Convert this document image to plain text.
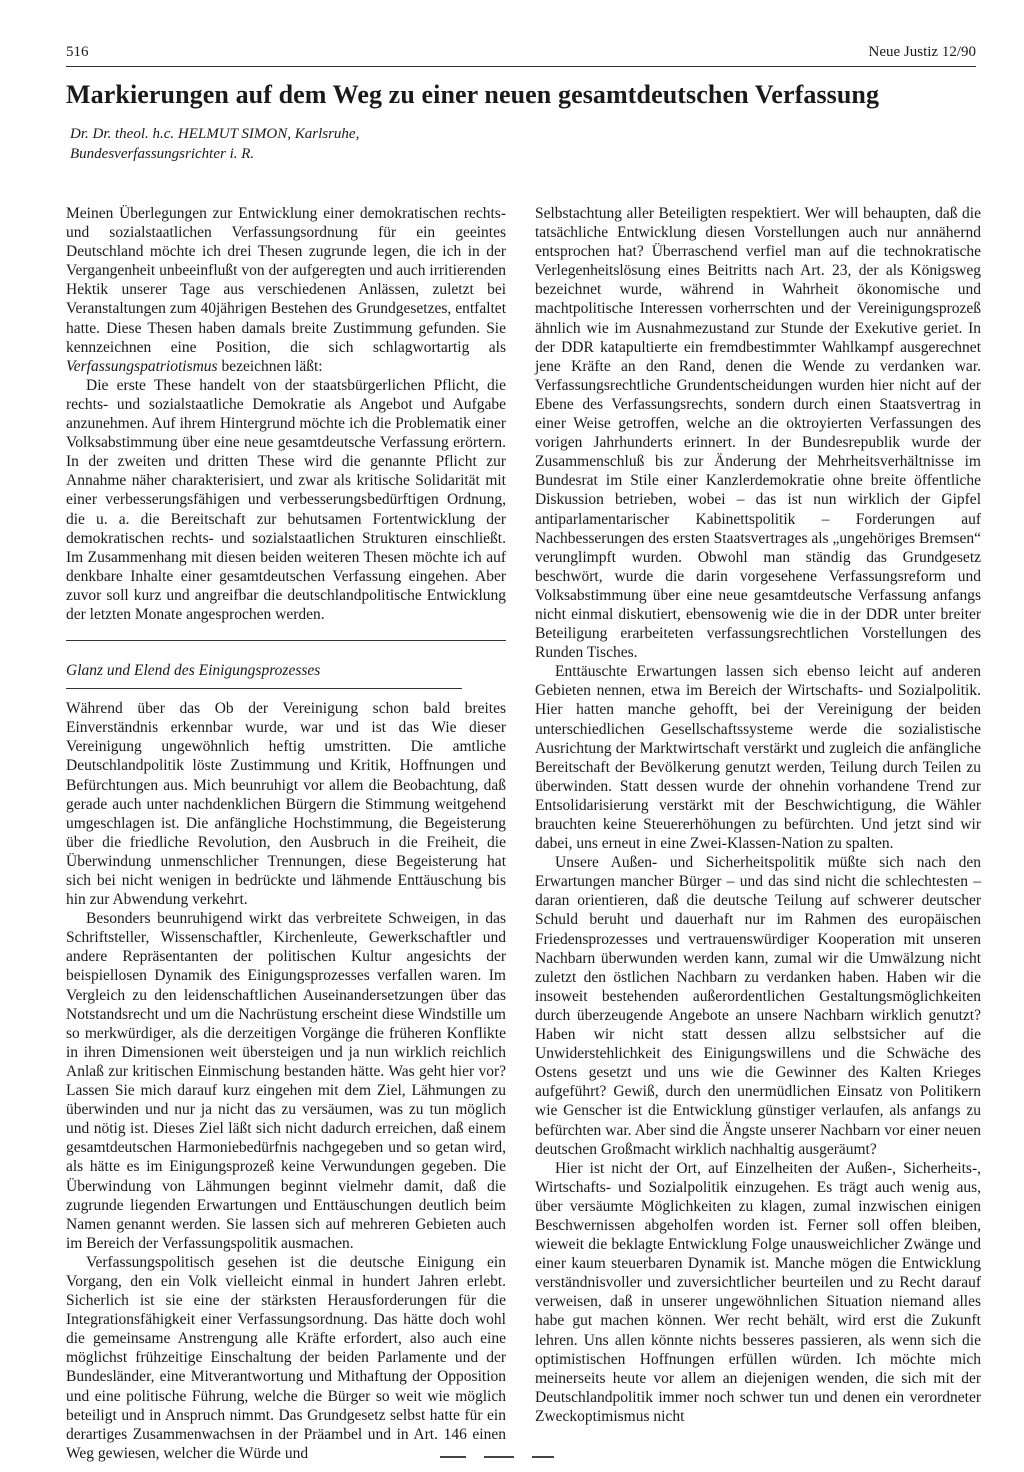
516	Neue Justiz 12/90
Markierungen auf dem Weg zu einer neuen gesamtdeutschen Verfassung
Dr. Dr. theol. h.c. HELMUT SIMON, Karlsruhe,
Bundesverfassungsrichter i. R.

Meinen Überlegungen zur Entwicklung einer demokratischen rechts- und sozialstaatlichen Verfassungsordnung für ein geeintes Deutschland möchte ich drei Thesen zugrunde legen, die ich in der Vergangenheit unbeeinflußt von der aufgeregten und auch irritierenden Hektik unserer Tage aus verschiedenen Anlässen, zuletzt bei Veranstaltungen zum 40jährigen Bestehen des Grundgesetzes, entfaltet hatte. Diese Thesen haben damals breite Zustimmung gefunden. Sie kennzeichnen eine Position, die sich schlagwortartig als Verfassungspatriotismus bezeichnen läßt:

Die erste These handelt von der staatsbürgerlichen Pflicht, die rechts- und sozialstaatliche Demokratie als Angebot und Aufgabe anzunehmen. Auf ihrem Hintergrund möchte ich die Problematik einer Volksabstimmung über eine neue gesamtdeutsche Verfassung erörtern. In der zweiten und dritten These wird die genannte Pflicht zur Annahme näher charakterisiert, und zwar als kritische Solidarität mit einer verbesserungsfähigen und verbesserungsbedürftigen Ordnung, die u. a. die Bereitschaft zur behutsamen Fortentwicklung der demokratischen rechts- und sozialstaatlichen Strukturen einschließt. Im Zusammenhang mit diesen beiden weiteren Thesen möchte ich auf denkbare Inhalte einer gesamtdeutschen Verfassung eingehen. Aber zuvor soll kurz und angreifbar die deutschlandpolitische Entwicklung der letzten Monate angesprochen werden.

Glanz und Elend des Einigungsprozesses

Während über das Ob der Vereinigung schon bald breites Einverständnis erkennbar wurde, war und ist das Wie dieser Vereinigung ungewöhnlich heftig umstritten. Die amtliche Deutschlandpolitik löste Zustimmung und Kritik, Hoffnungen und Befürchtungen aus. Mich beunruhigt vor allem die Beobachtung, daß gerade auch unter nachdenklichen Bürgern die Stimmung weitgehend umgeschlagen ist. Die anfängliche Hochstimmung, die Begeisterung über die friedliche Revolution, den Ausbruch in die Freiheit, die Überwindung unmenschlicher Trennungen, diese Begeisterung hat sich bei nicht wenigen in bedrückte und lähmende Enttäuschung bis hin zur Abwendung verkehrt.

Besonders beunruhigend wirkt das verbreitete Schweigen, in das Schriftsteller, Wissenschaftler, Kirchenleute, Gewerkschaftler und andere Repräsentanten der politischen Kultur angesichts der beispiellosen Dynamik des Einigungsprozesses verfallen waren. Im Vergleich zu den leidenschaftlichen Auseinandersetzungen über das Notstandsrecht und um die Nachrüstung erscheint diese Windstille um so merkwürdiger, als die derzeitigen Vorgänge die früheren Konflikte in ihren Dimensionen weit übersteigen und ja nun wirklich reichlich Anlaß zur kritischen Einmischung bestanden hätte. Was geht hier vor? Lassen Sie mich darauf kurz eingehen mit dem Ziel, Lähmungen zu überwinden und nur ja nicht das zu versäumen, was zu tun möglich und nötig ist. Dieses Ziel läßt sich nicht dadurch erreichen, daß einem gesamtdeutschen Harmoniebedürfnis nachgegeben und so getan wird, als hätte es im Einigungsprozeß keine Verwundungen gegeben. Die Überwindung von Lähmungen beginnt vielmehr damit, daß die zugrunde liegenden Erwartungen und Enttäuschungen deutlich beim Namen genannt werden. Sie lassen sich auf mehreren Gebieten auch im Bereich der Verfassungspolitik ausmachen.

Verfassungspolitisch gesehen ist die deutsche Einigung ein Vorgang, den ein Volk vielleicht einmal in hundert Jahren erlebt. Sicherlich ist sie eine der stärksten Herausforderungen für die Integrationsfähigkeit einer Verfassungsordnung. Das hätte doch wohl die gemeinsame Anstrengung alle Kräfte erfordert, also auch eine möglichst frühzeitige Einschaltung der beiden Parlamente und der Bundesländer, eine Mitverantwortung und Mithaftung der Opposition und eine politische Führung, welche die Bürger so weit wie möglich beteiligt und in Anspruch nimmt. Das Grundgesetz selbst hatte für ein derartiges Zusammenwachsen in der Präambel und in Art. 146 einen Weg gewiesen, welcher die Würde und

Selbstachtung aller Beteiligten respektiert. Wer will behaupten, daß die tatsächliche Entwicklung diesen Vorstellungen auch nur annähernd entsprochen hat? Überraschend verfiel man auf die technokratische Verlegenheitslösung eines Beitritts nach Art. 23, der als Königsweg bezeichnet wurde, während in Wahrheit ökonomische und machtpolitische Interessen vorherrschten und der Vereinigungsprozeß ähnlich wie im Ausnahmezustand zur Stunde der Exekutive geriet. In der DDR katapultierte ein fremdbestimmter Wahlkampf ausgerechnet jene Kräfte an den Rand, denen die Wende zu verdanken war. Verfassungsrechtliche Grundentscheidungen wurden hier nicht auf der Ebene des Verfassungsrechts, sondern durch einen Staatsvertrag in einer Weise getroffen, welche an die oktroyierten Verfassungen des vorigen Jahrhunderts erinnert. In der Bundesrepublik wurde der Zusammenschluß bis zur Änderung der Mehrheitsverhältnisse im Bundesrat im Stile einer Kanzlerdemokratie ohne breite öffentliche Diskussion betrieben, wobei – das ist nun wirklich der Gipfel antiparlamentarischer Kabinettspolitik – Forderungen auf Nachbesserungen des ersten Staatsvertrages als „ungehöriges Bremsen“ verunglimpft wurden. Obwohl man ständig das Grundgesetz beschwört, wurde die darin vorgesehene Verfassungsreform und Volksabstimmung über eine neue gesamtdeutsche Verfassung anfangs nicht einmal diskutiert, ebensowenig wie die in der DDR unter breiter Beteiligung erarbeiteten verfassungsrechtlichen Vorstellungen des Runden Tisches.

Enttäuschte Erwartungen lassen sich ebenso leicht auf anderen Gebieten nennen, etwa im Bereich der Wirtschafts- und Sozialpolitik. Hier hatten manche gehofft, bei der Vereinigung der beiden unterschiedlichen Gesellschaftssysteme werde die sozialistische Ausrichtung der Marktwirtschaft verstärkt und zugleich die anfängliche Bereitschaft der Bevölkerung genutzt werden, Teilung durch Teilen zu überwinden. Statt dessen wurde der ohnehin vorhandene Trend zur Entsolidarisierung verstärkt mit der Beschwichtigung, die Wähler brauchten keine Steuererhöhungen zu befürchten. Und jetzt sind wir dabei, uns erneut in eine Zwei-Klassen-Nation zu spalten.

Unsere Außen- und Sicherheitspolitik müßte sich nach den Erwartungen mancher Bürger – und das sind nicht die schlechtesten – daran orientieren, daß die deutsche Teilung auf schwerer deutscher Schuld beruht und dauerhaft nur im Rahmen des europäischen Friedensprozesses und vertrauenswürdiger Kooperation mit unseren Nachbarn überwunden werden kann, zumal wir die Umwälzung nicht zuletzt den östlichen Nachbarn zu verdanken haben. Haben wir die insoweit bestehenden außerordentlichen Gestaltungsmöglichkeiten durch überzeugende Angebote an unsere Nachbarn wirklich genutzt? Haben wir nicht statt dessen allzu selbstsicher auf die Unwiderstehlichkeit des Einigungswillens und die Schwäche des Ostens gesetzt und uns wie die Gewinner des Kalten Krieges aufgeführt? Gewiß, durch den unermüdlichen Einsatz von Politikern wie Genscher ist die Entwicklung günstiger verlaufen, als anfangs zu befürchten war. Aber sind die Ängste unserer Nachbarn vor einer neuen deutschen Großmacht wirklich nachhaltig ausgeräumt?

Hier ist nicht der Ort, auf Einzelheiten der Außen-, Sicherheits-, Wirtschafts- und Sozialpolitik einzugehen. Es trägt auch wenig aus, über versäumte Möglichkeiten zu klagen, zumal inzwischen einigen Beschwernissen abgeholfen worden ist. Ferner soll offen bleiben, wieweit die beklagte Entwicklung Folge unausweichlicher Zwänge und einer kaum steuerbaren Dynamik ist. Manche mögen die Entwicklung verständnisvoller und zuversichtlicher beurteilen und zu Recht darauf verweisen, daß in unserer ungewöhnlichen Situation niemand alles habe gut machen können. Wer recht behält, wird erst die Zukunft lehren. Uns allen könnte nichts besseres passieren, als wenn sich die optimistischen Hoffnungen erfüllen würden. Ich möchte mich meinerseits heute vor allem an diejenigen wenden, die sich mit der Deutschlandpolitik immer noch schwer tun und denen ein verordneter Zweckoptimismus nicht
